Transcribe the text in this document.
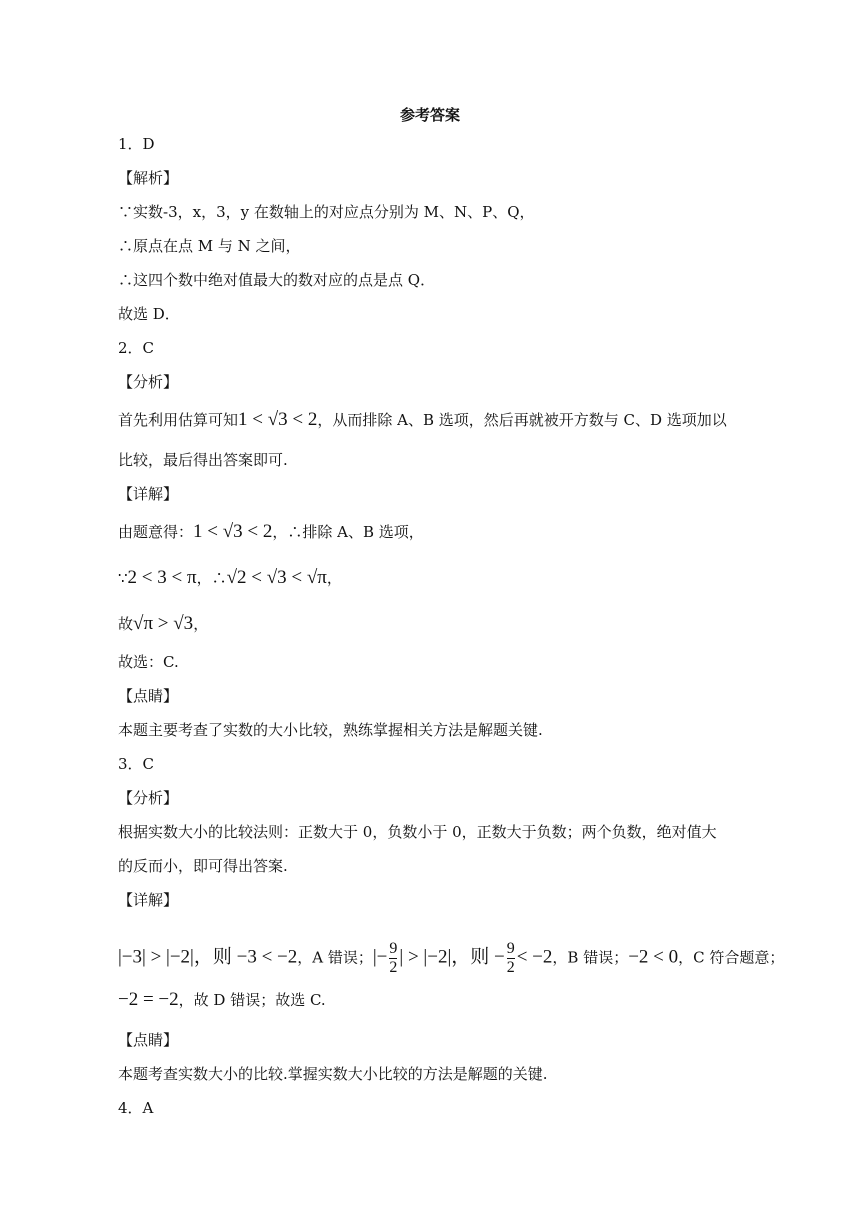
参考答案
1．D
【解析】
∵实数-3，x，3，y 在数轴上的对应点分别为 M、N、P、Q，
∴原点在点 M 与 N 之间，
∴这四个数中绝对值最大的数对应的点是点 Q．
故选 D．
2．C
【分析】
首先利用估算可知1 < √3 < 2，从而排除 A、B 选项，然后再就被开方数与 C、D 选项加以
比较，最后得出答案即可.
【详解】
由题意得：1 < √3 < 2，∴排除 A、B 选项，
∵2 < 3 < π，∴√2 < √3 < √π，
故√π > √3，
故选：C.
【点睛】
本题主要考查了实数的大小比较，熟练掌握相关方法是解题关键.
3．C
【分析】
根据实数大小的比较法则：正数大于 0，负数小于 0，正数大于负数；两个负数，绝对值大
的反而小，即可得出答案.
【详解】
|−3| > |−2|，则 −3 < −2，A 错误；|− $\frac{9}{2}$ | > |−2|，则 − $\frac{9}{2} < -2$，B 错误；−2 < 0，C 符合题意；
−2 = −2，故 D 错误；故选 C.
【点睛】
本题考查实数大小的比较.掌握实数大小比较的方法是解题的关键.
4．A
